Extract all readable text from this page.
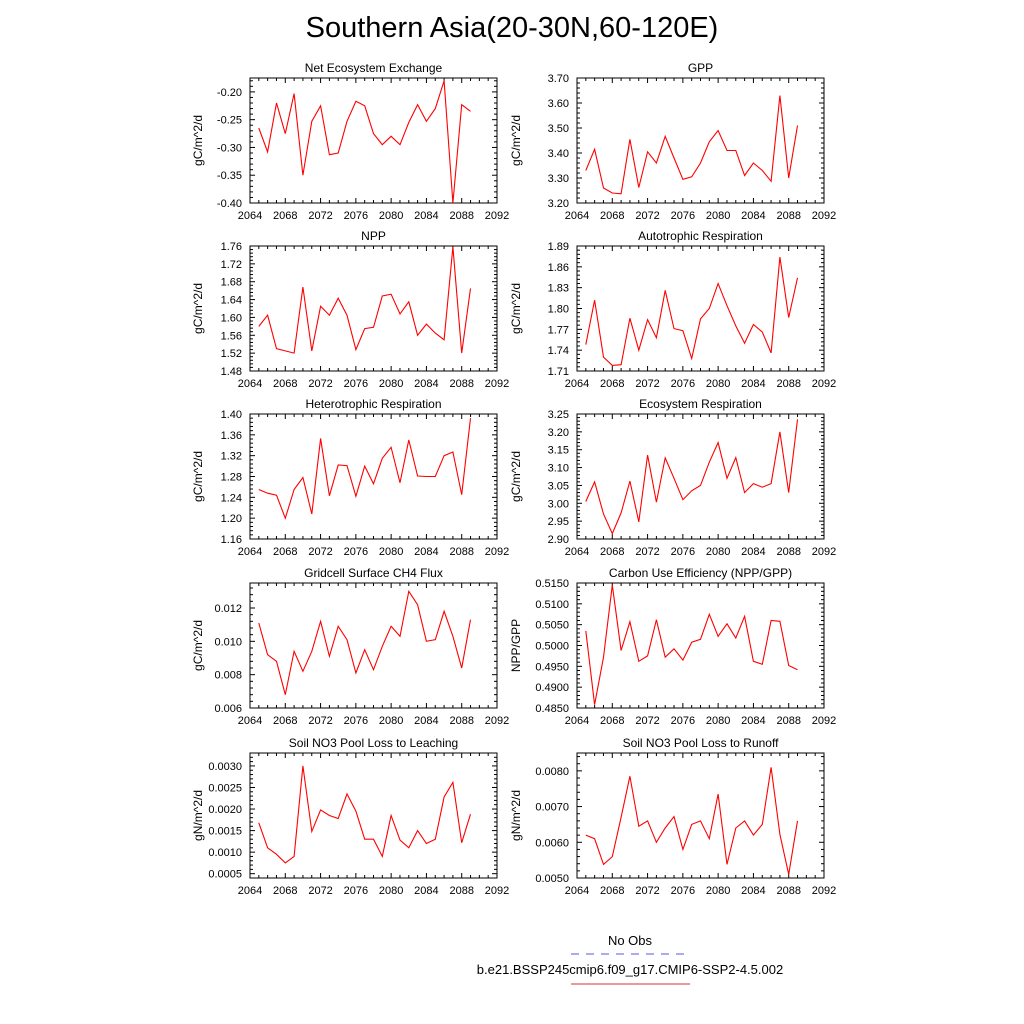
Southern Asia(20-30N,60-120E)
2064 2068 2072 2076 2080 2084 2088 2092
-0.40
-0.35
-0.30
-0.25
-0.20
Net Ecosystem Exchange
gC/m^2/d
2064 2068 2072 2076 2080 2084 2088 2092
3.20
3.30
3.40
3.50
3.60
3.70
GPP
gC/m^2/d
2064 2068 2072 2076 2080 2084 2088 2092
1.48
1.52
1.56
1.60
1.64
1.68
1.72
1.76
NPP
gC/m^2/d
2064 2068 2072 2076 2080 2084 2088 2092
1.71
1.74
1.77
1.80
1.83
1.86
1.89
Autotrophic Respiration
gC/m^2/d
2064 2068 2072 2076 2080 2084 2088 2092
1.16
1.20
1.24
1.28
1.32
1.36
1.40
Heterotrophic Respiration
gC/m^2/d
2064 2068 2072 2076 2080 2084 2088 2092
2.90
2.95
3.00
3.05
3.10
3.15
3.20
3.25
Ecosystem Respiration
gC/m^2/d
2064 2068 2072 2076 2080 2084 2088 2092
0.006
0.008
0.010
0.012
Gridcell Surface CH4 Flux
gC/m^2/d
2064 2068 2072 2076 2080 2084 2088 2092
0.4850
0.4900
0.4950
0.5000
0.5050
0.5100
0.5150
Carbon Use Efficiency (NPP/GPP)
NPP/GPP
2064 2068 2072 2076 2080 2084 2088 2092
0.0005
0.0010
0.0015
0.0020
0.0025
0.0030
Soil NO3 Pool Loss to Leaching
gN/m^2/d
2064 2068 2072 2076 2080 2084 2088 2092
0.0050
0.0060
0.0070
0.0080
Soil NO3 Pool Loss to Runoff
gN/m^2/d
No Obs
b.e21.BSSP245cmip6.f09_g17.CMIP6-SSP2-4.5.002
